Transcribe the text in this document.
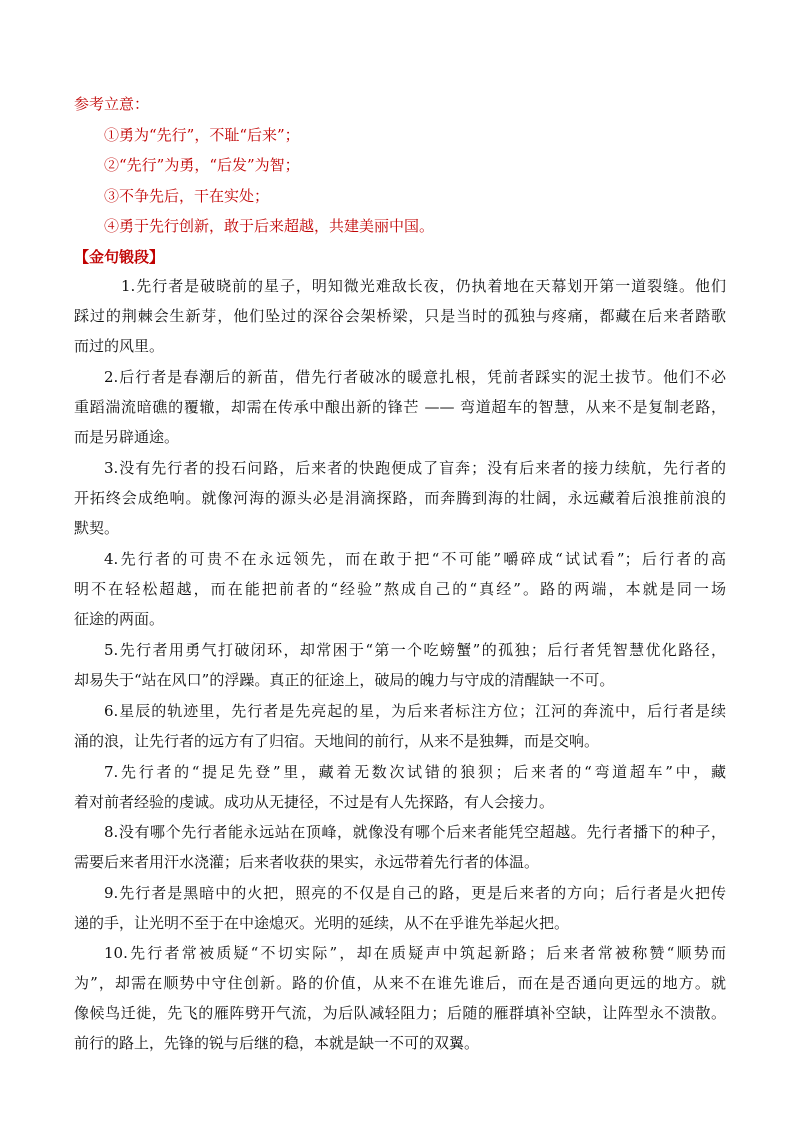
参考立意：
①勇为“先行”，不耻“后来”；
②“先行”为勇，“后发”为智；
③不争先后，干在实处；
④勇于先行创新，敢于后来超越，共建美丽中国。
【金句锻段】
1.先行者是破晓前的星子，明知微光难敌长夜，仍执着地在天幕划开第一道裂缝。他们
踩过的荆棘会生新芽，他们坠过的深谷会架桥梁，只是当时的孤独与疼痛，都藏在后来者踏歌
而过的风里。
2.后行者是春潮后的新苗，借先行者破冰的暖意扎根，凭前者踩实的泥土拔节。他们不必
重蹈湍流暗礁的覆辙，却需在传承中酿出新的锋芒 —— 弯道超车的智慧，从来不是复制老路，
而是另辟通途。
3.没有先行者的投石问路，后来者的快跑便成了盲奔；没有后来者的接力续航，先行者的
开拓终会成绝响。就像河海的源头必是涓滴探路，而奔腾到海的壮阔，永远藏着后浪推前浪的
默契。
4.先行者的可贵不在永远领先，而在敢于把“不可能”嚼碎成“试试看”；后行者的高
明不在轻松超越，而在能把前者的“经验”熬成自己的“真经”。路的两端，本就是同一场
征途的两面。
5.先行者用勇气打破闭环，却常困于“第一个吃螃蟹”的孤独；后行者凭智慧优化路径，
却易失于“站在风口”的浮躁。真正的征途上，破局的魄力与守成的清醒缺一不可。
6.星辰的轨迹里，先行者是先亮起的星，为后来者标注方位；江河的奔流中，后行者是续
涌的浪，让先行者的远方有了归宿。天地间的前行，从来不是独舞，而是交响。
7.先行者的“提足先登”里，藏着无数次试错的狼狈；后来者的“弯道超车”中，藏
着对前者经验的虔诚。成功从无捷径，不过是有人先探路，有人会接力。
8.没有哪个先行者能永远站在顶峰，就像没有哪个后来者能凭空超越。先行者播下的种子，
需要后来者用汗水浇灌；后来者收获的果实，永远带着先行者的体温。
9.先行者是黑暗中的火把，照亮的不仅是自己的路，更是后来者的方向；后行者是火把传
递的手，让光明不至于在中途熄灭。光明的延续，从不在乎谁先举起火把。
10.先行者常被质疑“不切实际”，却在质疑声中筑起新路；后来者常被称赞“顺势而
为”，却需在顺势中守住创新。路的价值，从来不在谁先谁后，而在是否通向更远的地方。就
像候鸟迁徙，先飞的雁阵劈开气流，为后队减轻阻力；后随的雁群填补空缺，让阵型永不溃散。
前行的路上，先锋的锐与后继的稳，本就是缺一不可的双翼。
